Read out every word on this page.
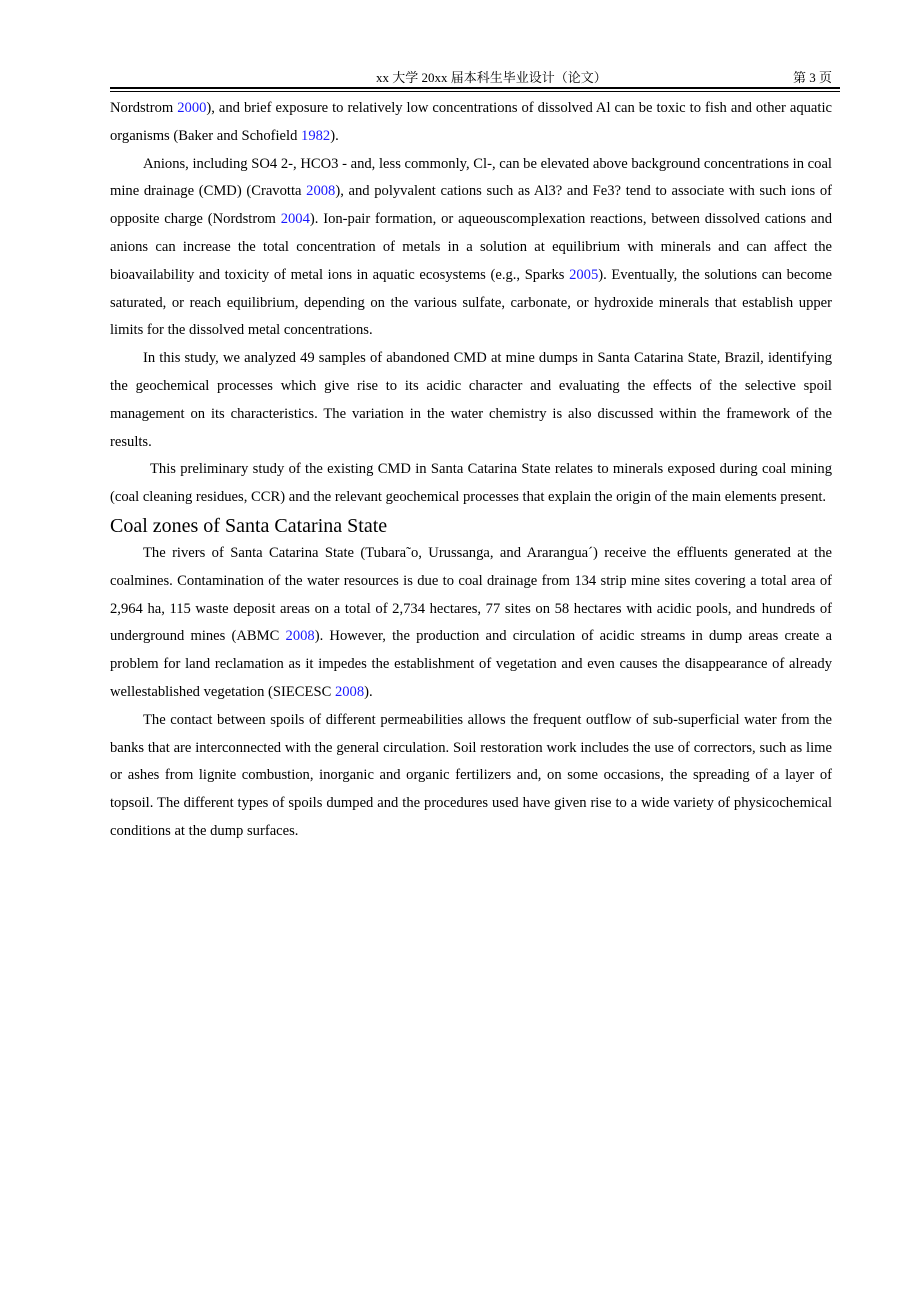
xx 大学 20xx 届本科生毕业设计（论文）	第 3 页

Nordstrom 2000), and brief exposure to relatively low concentrations of dissolved Al can be toxic to fish and other aquatic organisms (Baker and Schofield 1982).

Anions, including SO4 2-, HCO3 - and, less commonly, Cl-, can be elevated above background concentrations in coal mine drainage (CMD) (Cravotta 2008), and polyvalent cations such as Al3? and Fe3? tend to associate with such ions of opposite charge (Nordstrom 2004). Ion-pair formation, or aqueouscomplexation reactions, between dissolved cations and anions can increase the total concentration of metals in a solution at equilibrium with minerals and can affect the bioavailability and toxicity of metal ions in aquatic ecosystems (e.g., Sparks 2005). Eventually, the solutions can become saturated, or reach equilibrium, depending on the various sulfate, carbonate, or hydroxide minerals that establish upper limits for the dissolved metal concentrations.

In this study, we analyzed 49 samples of abandoned CMD at mine dumps in Santa Catarina State, Brazil, identifying the geochemical processes which give rise to its acidic character and evaluating the effects of the selective spoil management on its characteristics. The variation in the water chemistry is also discussed within the framework of the results.

This preliminary study of the existing CMD in Santa Catarina State relates to minerals exposed during coal mining (coal cleaning residues, CCR) and the relevant geochemical processes that explain the origin of the main elements present.

Coal zones of Santa Catarina State

The rivers of Santa Catarina State (Tubara˜o, Urussanga, and Ararangua´) receive the effluents generated at the coalmines. Contamination of the water resources is due to coal drainage from 134 strip mine sites covering a total area of 2,964 ha, 115 waste deposit areas on a total of 2,734 hectares, 77 sites on 58 hectares with acidic pools, and hundreds of underground mines (ABMC 2008). However, the production and circulation of acidic streams in dump areas create a problem for land reclamation as it impedes the establishment of vegetation and even causes the disappearance of already wellestablished vegetation (SIECESC 2008).

The contact between spoils of different permeabilities allows the frequent outflow of sub-superficial water from the banks that are interconnected with the general circulation. Soil restoration work includes the use of correctors, such as lime or ashes from lignite combustion, inorganic and organic fertilizers and, on some occasions, the spreading of a layer of topsoil. The different types of spoils dumped and the procedures used have given rise to a wide variety of physicochemical conditions at the dump surfaces.
